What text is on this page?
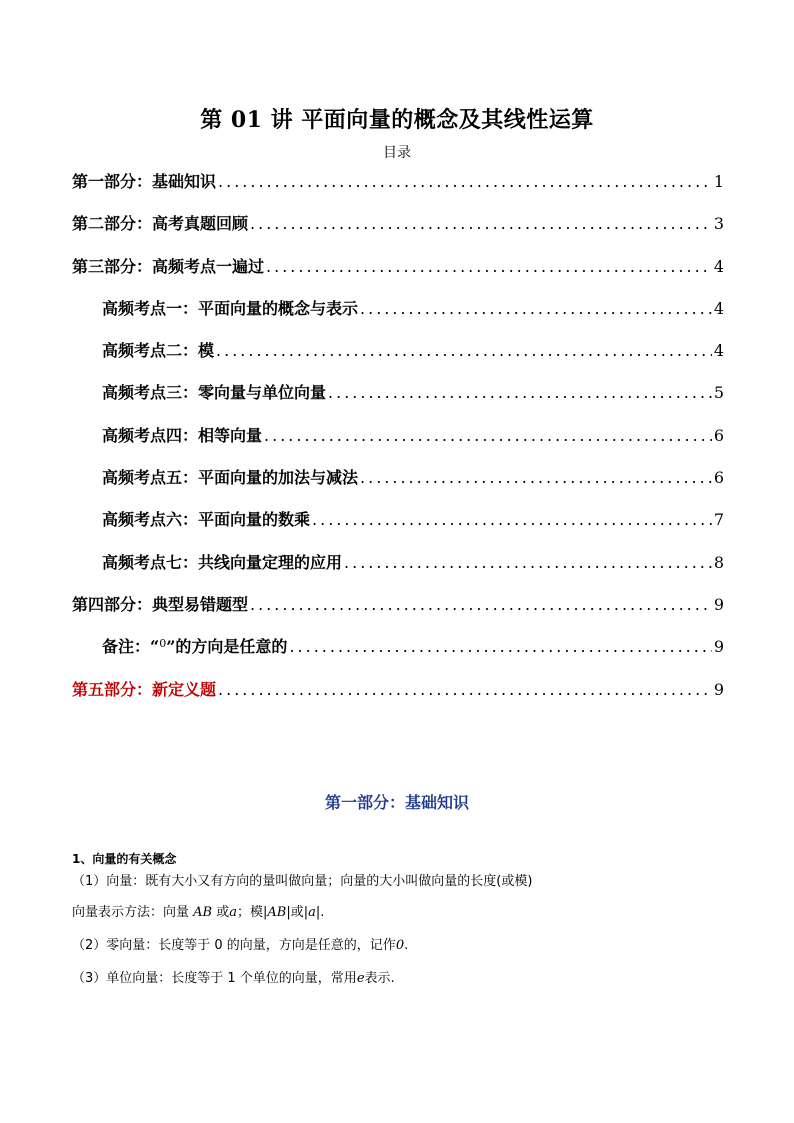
第 01 讲 平面向量的概念及其线性运算
目录
第一部分：基础知识 .....	1
第二部分：高考真题回顾 .....	3
第三部分：高频考点一遍过 .....	4
高频考点一：平面向量的概念与表示 .....	4
高频考点二：模 .....	4
高频考点三：零向量与单位向量 .....	5
高频考点四：相等向量 .....	6
高频考点五：平面向量的加法与减法 .....	6
高频考点六：平面向量的数乘 .....	7
高频考点七：共线向量定理的应用 .....	8
第四部分：典型易错题型 .....	9
备注：“$^0$”的方向是任意的 .....	9
第五部分：新定义题 .....	9
第一部分：基础知识
1、向量的有关概念
（1）向量：既有大小又有方向的量叫做向量；向量的大小叫做向量的长度(或模)
向量表示方法：向量 AB 或a；模|AB|或|a|.
（2）零向量：长度等于 0 的向量，方向是任意的，记作0.
（3）单位向量：长度等于 1 个单位的向量，常用e表示.
